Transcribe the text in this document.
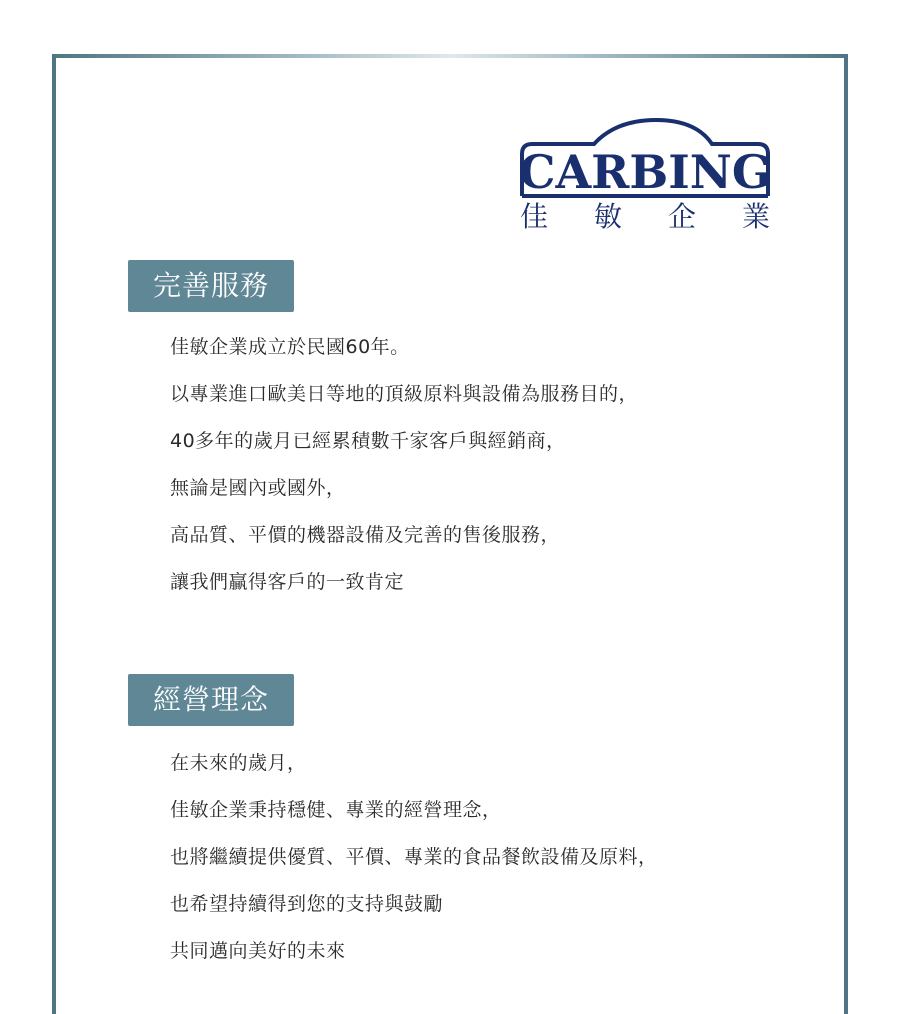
CARBING
佳 敏 企 業
完善服務
佳敏企業成立於民國60年。
以專業進口歐美日等地的頂級原料與設備為服務目的，
40多年的歲月已經累積數千家客戶與經銷商，
無論是國內或國外，
高品質、平價的機器設備及完善的售後服務，
讓我們贏得客戶的一致肯定
經營理念
在未來的歲月，
佳敏企業秉持穩健、專業的經營理念，
也將繼續提供優質、平價、專業的食品餐飲設備及原料，
也希望持續得到您的支持與鼓勵
共同邁向美好的未來
